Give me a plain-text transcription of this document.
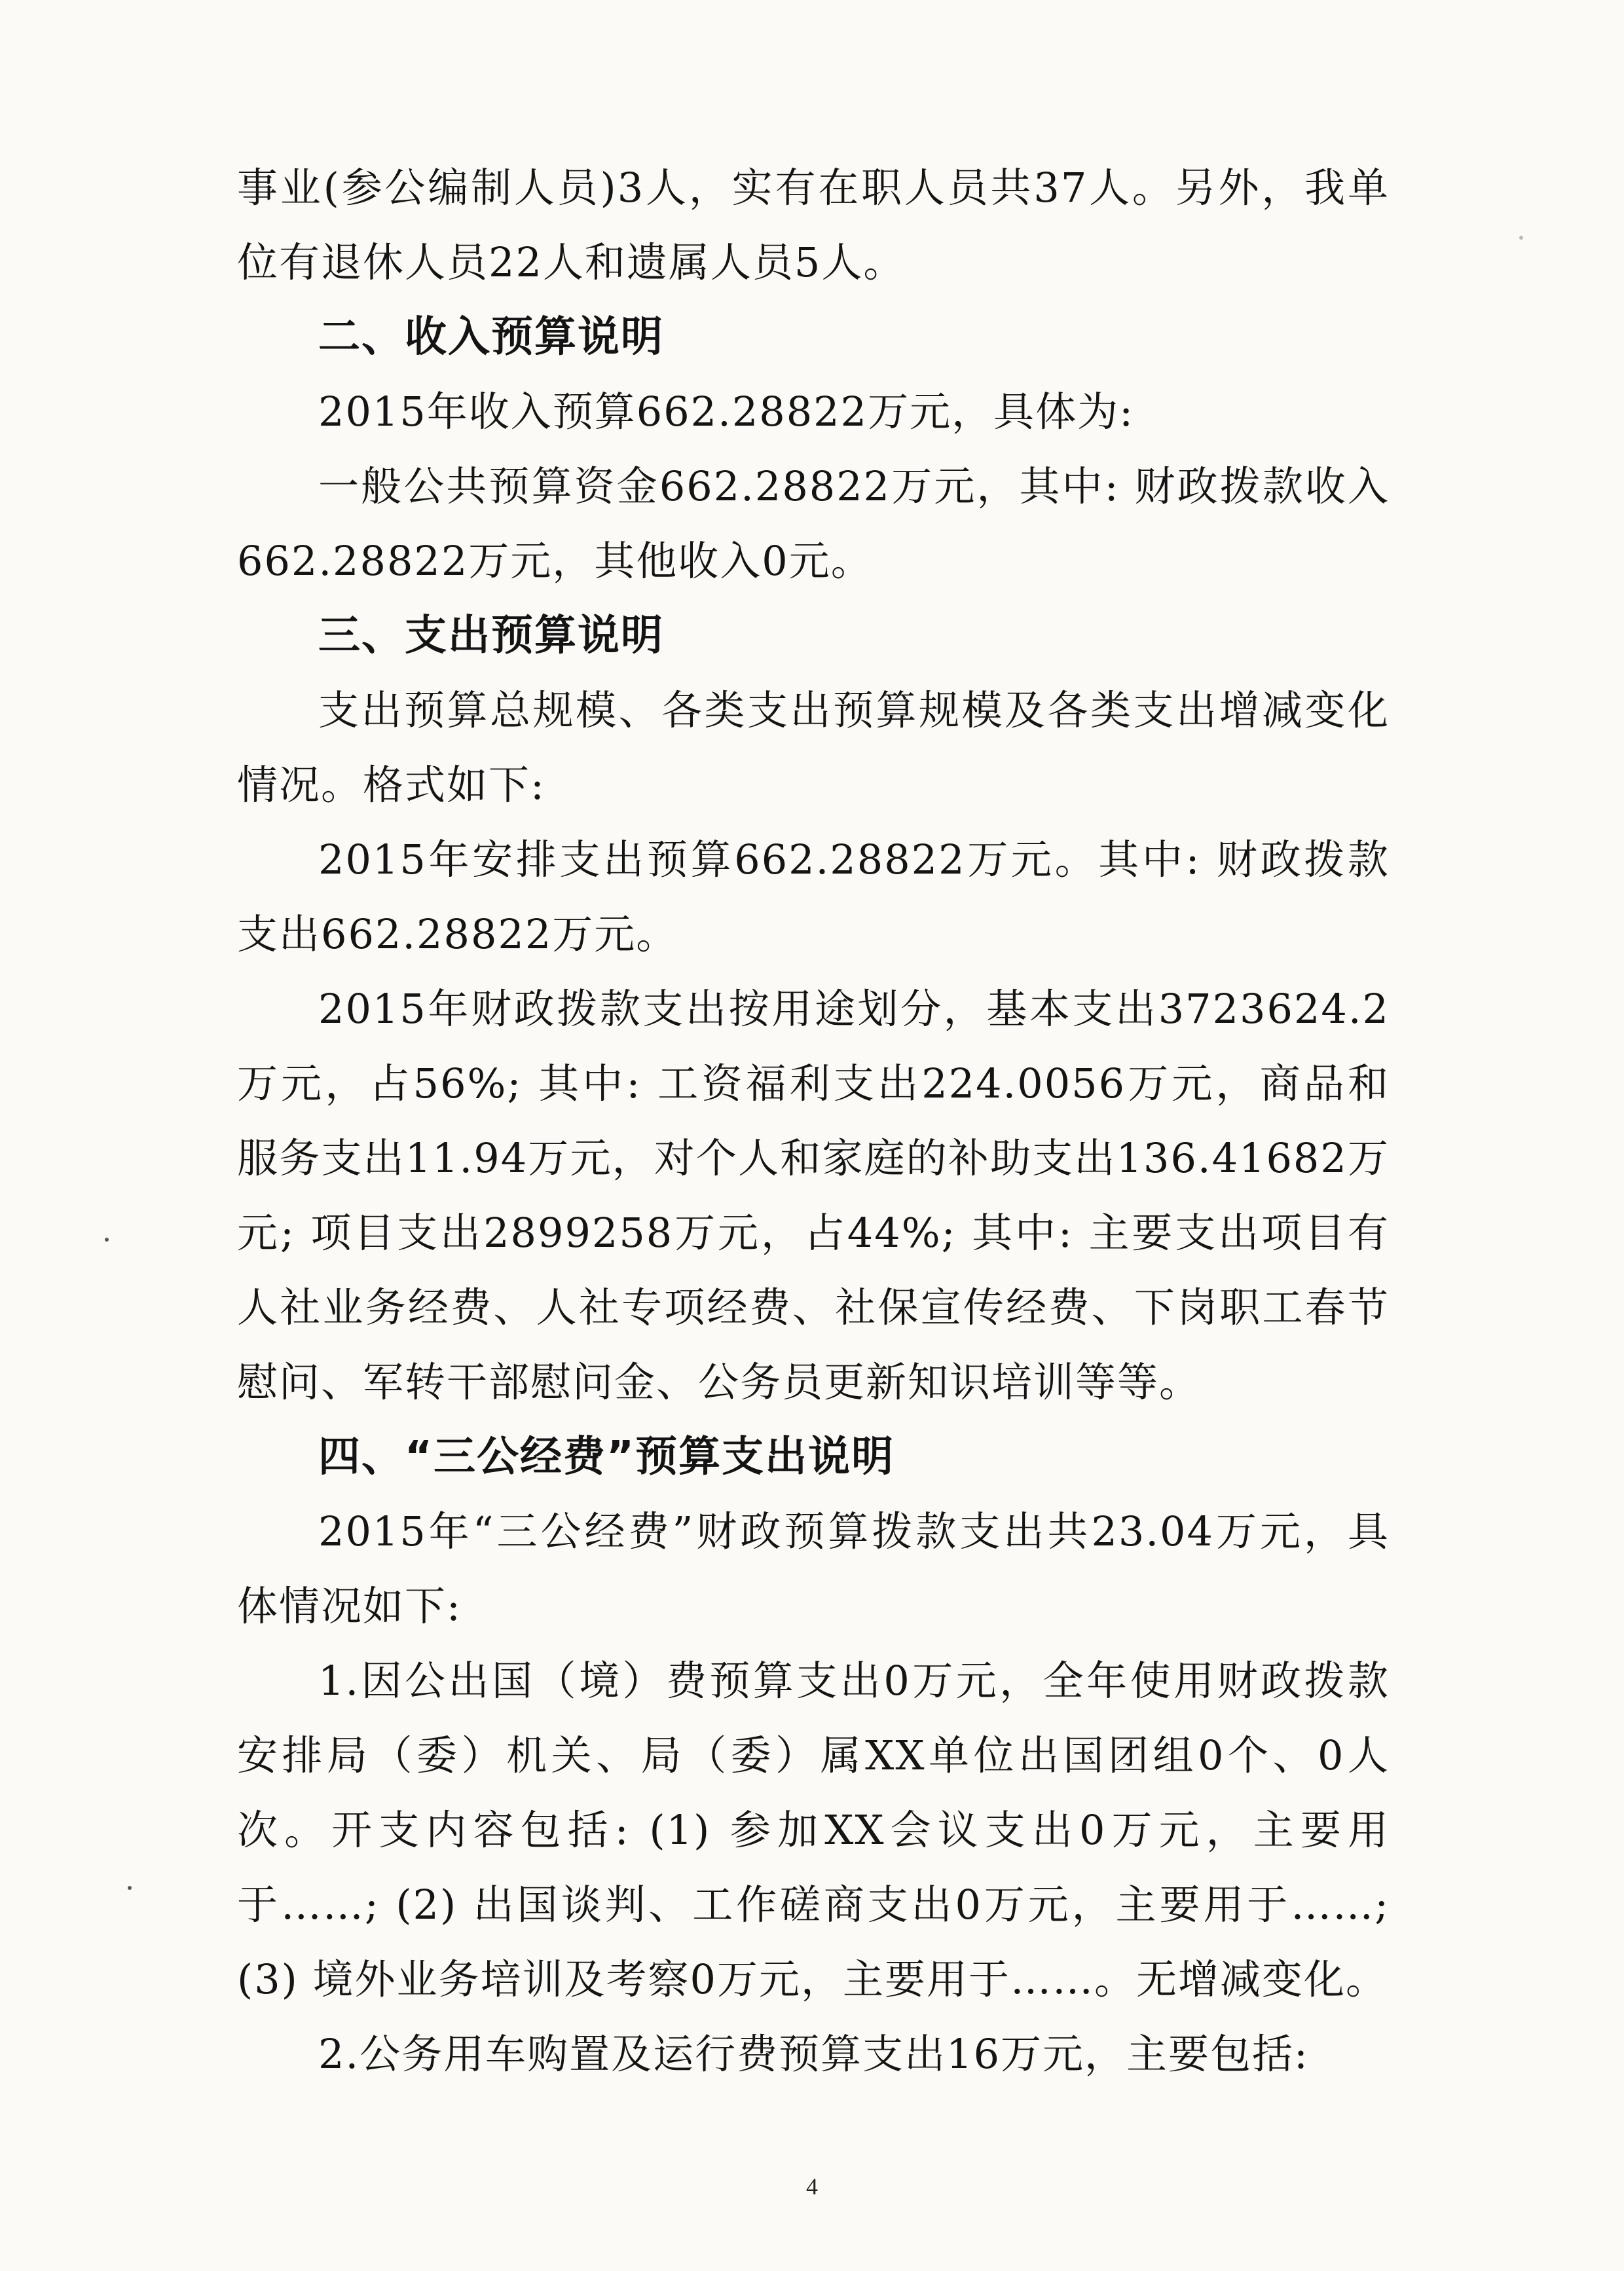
事业(参公编制人员)3人，实有在职人员共37人。另外，我单位有退休人员22人和遗属人员5人。

二、收入预算说明

2015年收入预算662.28822万元，具体为:

一般公共预算资金662.28822万元，其中: 财政拨款收入662.28822万元，其他收入0元。

三、支出预算说明

支出预算总规模、各类支出预算规模及各类支出增减变化情况。格式如下:

2015年安排支出预算662.28822万元。其中: 财政拨款支出662.28822万元。

2015年财政拨款支出按用途划分，基本支出3723624.2万元，占56%; 其中: 工资福利支出224.0056万元，商品和服务支出11.94万元，对个人和家庭的补助支出136.41682万元; 项目支出2899258万元，占44%; 其中: 主要支出项目有人社业务经费、人社专项经费、社保宣传经费、下岗职工春节慰问、军转干部慰问金、公务员更新知识培训等等。

四、“三公经费”预算支出说明

2015年“三公经费”财政预算拨款支出共23.04万元，具体情况如下:

1.因公出国（境）费预算支出0万元，全年使用财政拨款安排局（委）机关、局（委）属XX单位出国团组0个、0人次。开支内容包括: (1) 参加XX会议支出0万元，主要用于……; (2) 出国谈判、工作磋商支出0万元，主要用于……; (3) 境外业务培训及考察0万元，主要用于……。无增减变化。

2.公务用车购置及运行费预算支出16万元，主要包括:

4
